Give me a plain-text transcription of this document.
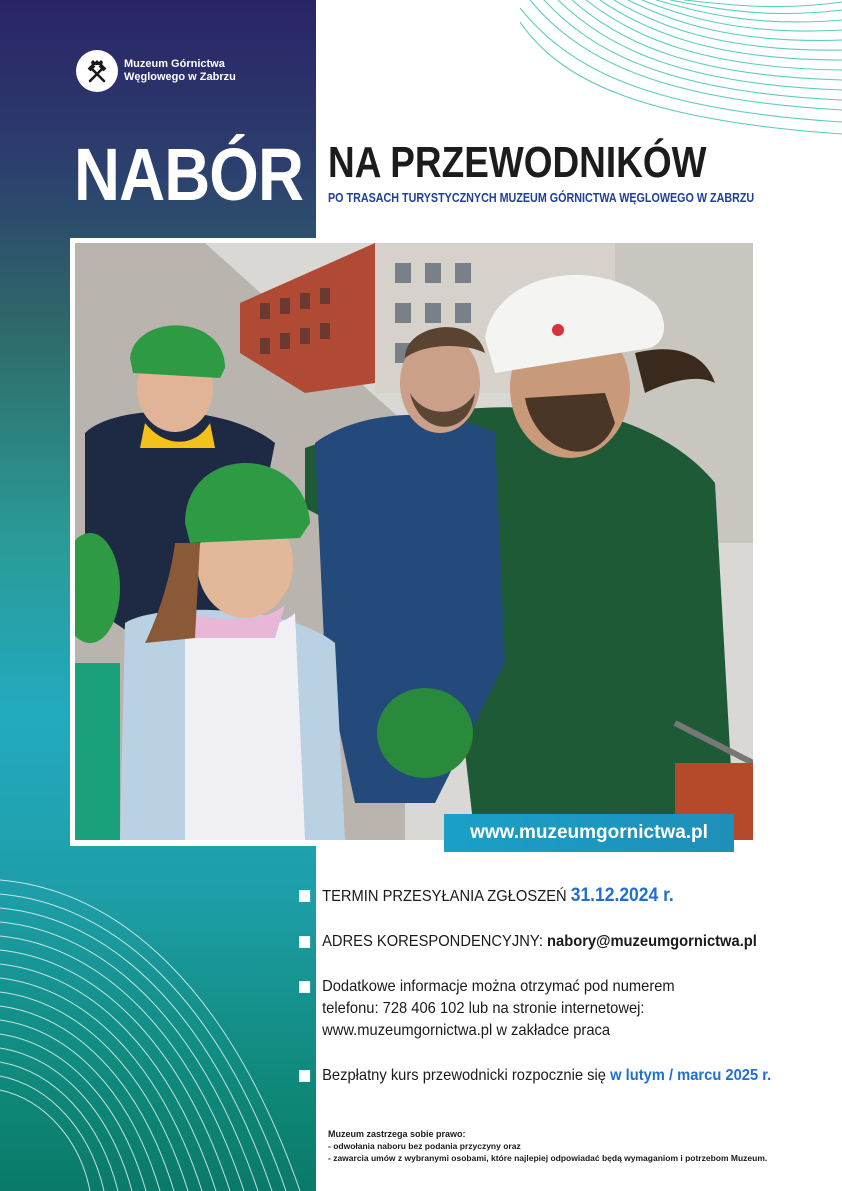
Muzeum Górnictwa
Węglowego w Zabrzu
NABÓR NA PRZEWODNIKÓW
PO TRASACH TURYSTYCZNYCH MUZEUM GÓRNICTWA WĘGLOWEGO W ZABRZU
www.muzeumgornictwa.pl
TERMIN PRZESYŁANIA ZGŁOSZEŃ 31.12.2024 r.
ADRES KORESPONDENCYJNY: nabory@muzeumgornictwa.pl
Dodatkowe informacje można otrzymać pod numerem
telefonu: 728 406 102 lub na stronie internetowej:
www.muzeumgornictwa.pl w zakładce praca
Bezpłatny kurs przewodnicki rozpocznie się w lutym / marcu 2025 r.
Muzeum zastrzega sobie prawo:
- odwołania naboru bez podania przyczyny oraz
- zawarcia umów z wybranymi osobami, które najlepiej odpowiadać będą wymaganiom i potrzebom Muzeum.
